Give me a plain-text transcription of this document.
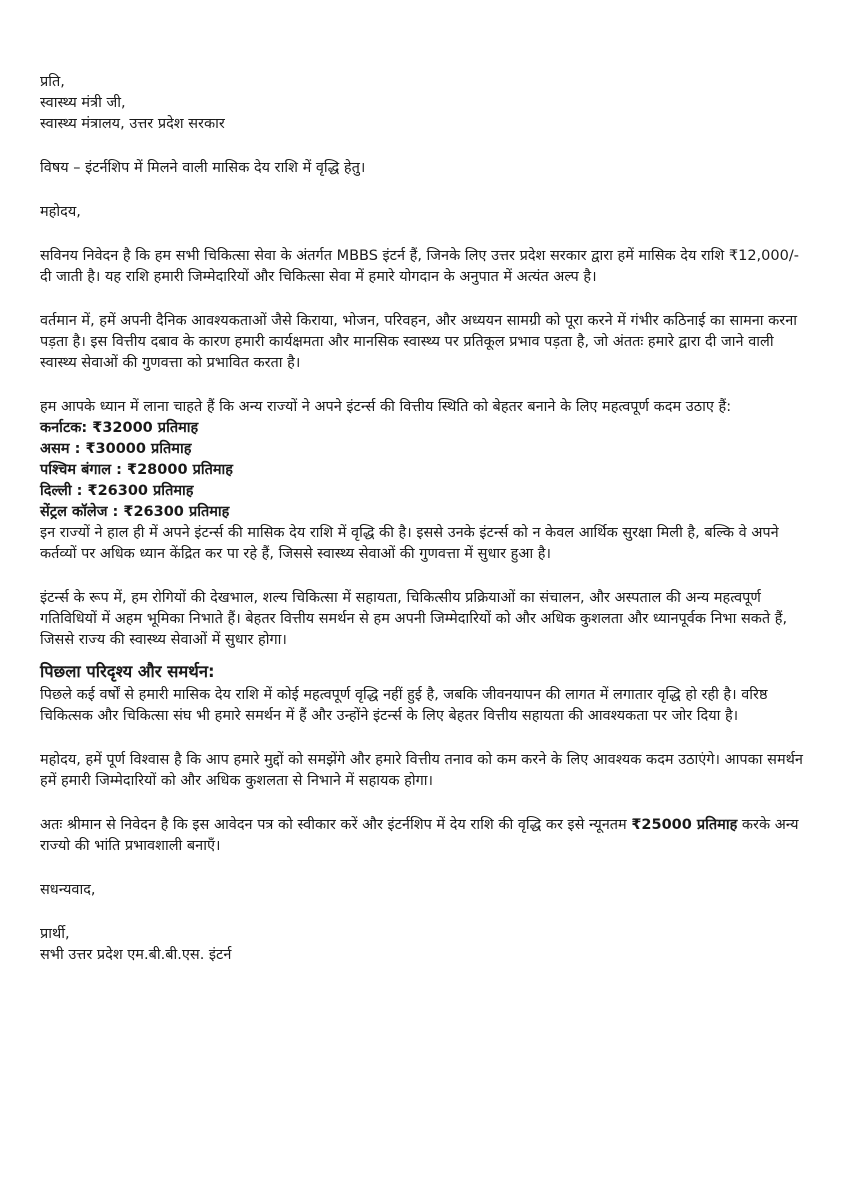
प्रति,
स्वास्थ्य मंत्री जी,
स्वास्थ्य मंत्रालय, उत्तर प्रदेश सरकार

विषय – इंटर्नशिप में मिलने वाली मासिक देय राशि में वृद्धि हेतु।

महोदय,

सविनय निवेदन है कि हम सभी चिकित्सा सेवा के अंतर्गत MBBS इंटर्न हैं, जिनके लिए उत्तर प्रदेश सरकार द्वारा हमें मासिक देय राशि ₹12,000/- दी जाती है। यह राशि हमारी जिम्मेदारियों और चिकित्सा सेवा में हमारे योगदान के अनुपात में अत्यंत अल्प है।

वर्तमान में, हमें अपनी दैनिक आवश्यकताओं जैसे किराया, भोजन, परिवहन, और अध्ययन सामग्री को पूरा करने में गंभीर कठिनाई का सामना करना पड़ता है। इस वित्तीय दबाव के कारण हमारी कार्यक्षमता और मानसिक स्वास्थ्य पर प्रतिकूल प्रभाव पड़ता है, जो अंततः हमारे द्वारा दी जाने वाली स्वास्थ्य सेवाओं की गुणवत्ता को प्रभावित करता है।

हम आपके ध्यान में लाना चाहते हैं कि अन्य राज्यों ने अपने इंटर्न्स की वित्तीय स्थिति को बेहतर बनाने के लिए महत्वपूर्ण कदम उठाए हैं:

कर्नाटक: ₹32000 प्रतिमाह
असम : ₹30000 प्रतिमाह
पश्चिम बंगाल : ₹28000 प्रतिमाह
दिल्ली : ₹26300 प्रतिमाह
सेंट्रल कॉलेज : ₹26300 प्रतिमाह

इन राज्यों ने हाल ही में अपने इंटर्न्स की मासिक देय राशि में वृद्धि की है। इससे उनके इंटर्न्स को न केवल आर्थिक सुरक्षा मिली है, बल्कि वे अपने कर्तव्यों पर अधिक ध्यान केंद्रित कर पा रहे हैं, जिससे स्वास्थ्य सेवाओं की गुणवत्ता में सुधार हुआ है।

इंटर्न्स के रूप में, हम रोगियों की देखभाल, शल्य चिकित्सा में सहायता, चिकित्सीय प्रक्रियाओं का संचालन, और अस्पताल की अन्य महत्वपूर्ण गतिविधियों में अहम भूमिका निभाते हैं। बेहतर वित्तीय समर्थन से हम अपनी जिम्मेदारियों को और अधिक कुशलता और ध्यानपूर्वक निभा सकते हैं, जिससे राज्य की स्वास्थ्य सेवाओं में सुधार होगा।

पिछला परिदृश्य और समर्थन:

पिछले कई वर्षों से हमारी मासिक देय राशि में कोई महत्वपूर्ण वृद्धि नहीं हुई है, जबकि जीवनयापन की लागत में लगातार वृद्धि हो रही है। वरिष्ठ चिकित्सक और चिकित्सा संघ भी हमारे समर्थन में हैं और उन्होंने इंटर्न्स के लिए बेहतर वित्तीय सहायता की आवश्यकता पर जोर दिया है।

महोदय, हमें पूर्ण विश्वास है कि आप हमारे मुद्दों को समझेंगे और हमारे वित्तीय तनाव को कम करने के लिए आवश्यक कदम उठाएंगे। आपका समर्थन हमें हमारी जिम्मेदारियों को और अधिक कुशलता से निभाने में सहायक होगा।

अतः श्रीमान से निवेदन है कि इस आवेदन पत्र को स्वीकार करें और इंटर्नशिप में देय राशि की वृद्धि कर इसे न्यूनतम ₹25000 प्रतिमाह करके अन्य राज्यो की भांति प्रभावशाली बनाएँ।

सधन्यवाद,

प्रार्थी,
सभी उत्तर प्रदेश एम.बी.बी.एस. इंटर्न
